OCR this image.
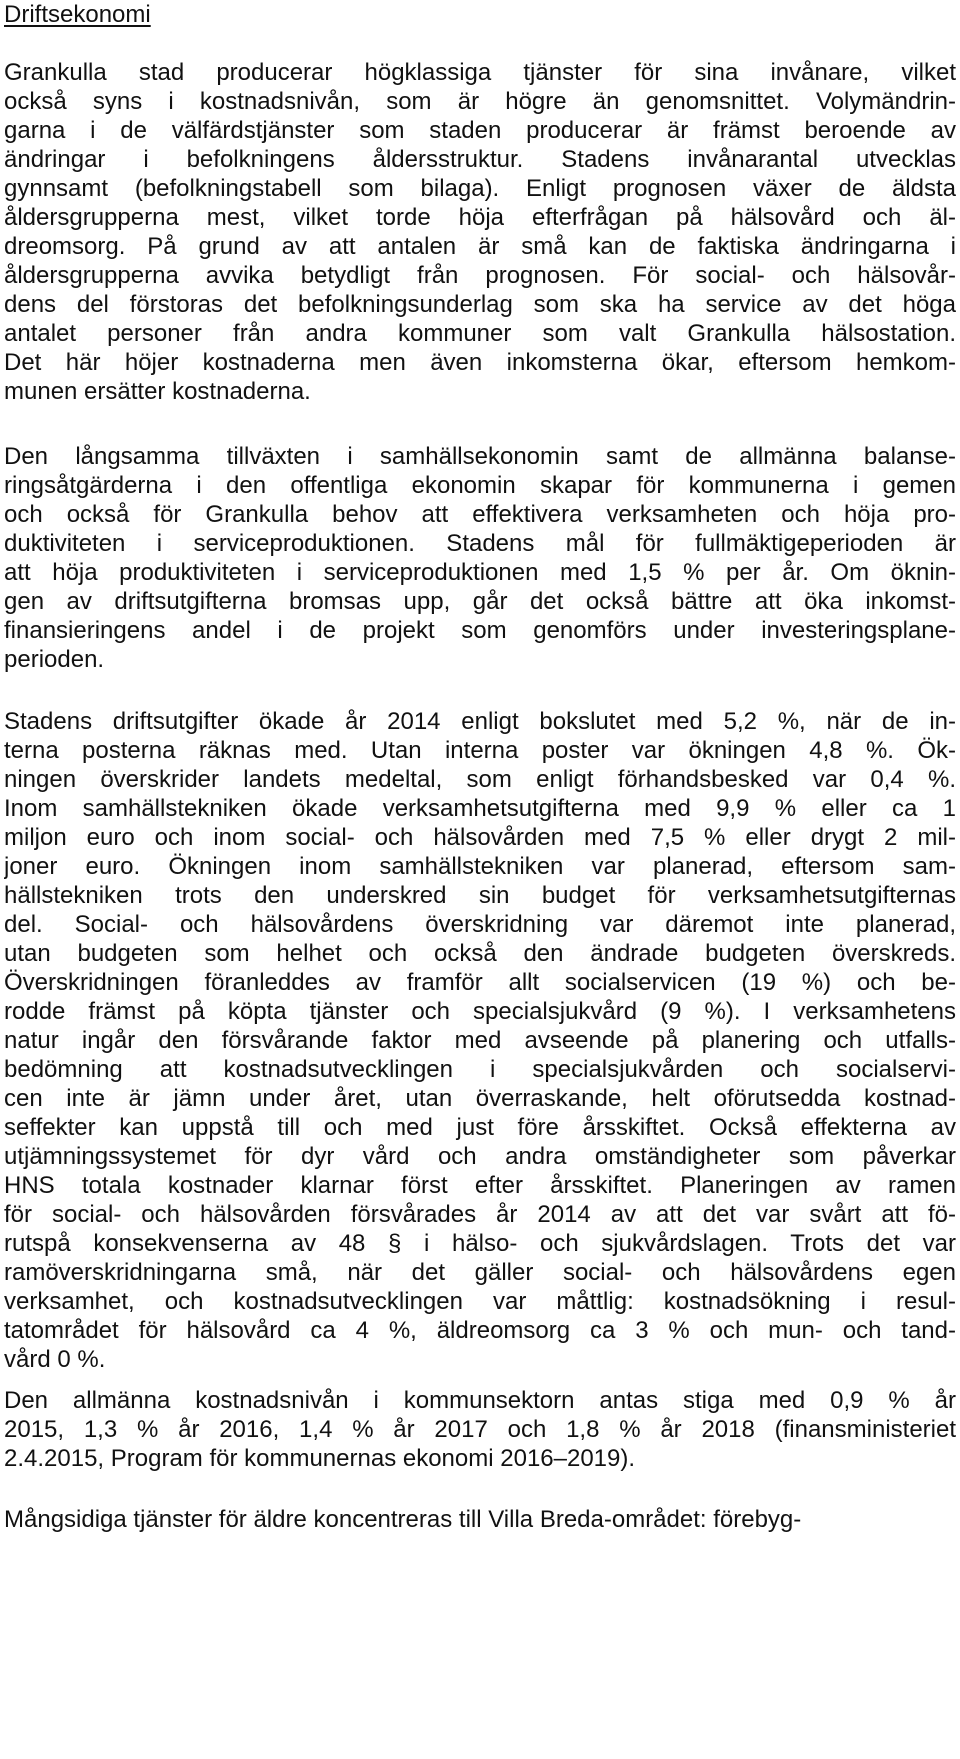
Driftsekonomi
Grankulla stad producerar högklassiga tjänster för sina invånare, vilket
också syns i kostnadsnivån, som är högre än genomsnittet. Volymändrin-
garna i de välfärdstjänster som staden producerar är främst beroende av
ändringar i befolkningens åldersstruktur. Stadens invånarantal utvecklas
gynnsamt (befolkningstabell som bilaga). Enligt prognosen växer de äldsta
åldersgrupperna mest, vilket torde höja efterfrågan på hälsovård och äl-
dreomsorg. På grund av att antalen är små kan de faktiska ändringarna i
åldersgrupperna avvika betydligt från prognosen. För social- och hälsovår-
dens del förstoras det befolkningsunderlag som ska ha service av det höga
antalet personer från andra kommuner som valt Grankulla hälsostation.
Det här höjer kostnaderna men även inkomsterna ökar, eftersom hemkom-
munen ersätter kostnaderna.
Den långsamma tillväxten i samhällsekonomin samt de allmänna balanse-
ringsåtgärderna i den offentliga ekonomin skapar för kommunerna i gemen
och också för Grankulla behov att effektivera verksamheten och höja pro-
duktiviteten i serviceproduktionen. Stadens mål för fullmäktigeperioden är
att höja produktiviteten i serviceproduktionen med 1,5 % per år. Om öknin-
gen av driftsutgifterna bromsas upp, går det också bättre att öka inkomst-
finansieringens andel i de projekt som genomförs under investeringsplane-
perioden.
Stadens driftsutgifter ökade år 2014 enligt bokslutet med 5,2 %, när de in-
terna posterna räknas med. Utan interna poster var ökningen 4,8 %. Ök-
ningen överskrider landets medeltal, som enligt förhandsbesked var 0,4 %.
Inom samhällstekniken ökade verksamhetsutgifterna med 9,9 % eller ca 1
miljon euro och inom social- och hälsovården med 7,5 % eller drygt 2 mil-
joner euro. Ökningen inom samhällstekniken var planerad, eftersom sam-
hällstekniken trots den underskred sin budget för verksamhetsutgifternas
del. Social- och hälsovårdens överskridning var däremot inte planerad,
utan budgeten som helhet och också den ändrade budgeten överskreds.
Överskridningen föranleddes av framför allt socialservicen (19 %) och be-
rodde främst på köpta tjänster och specialsjukvård (9 %). I verksamhetens
natur ingår den försvårande faktor med avseende på planering och utfalls-
bedömning att kostnadsutvecklingen i specialsjukvården och socialservi-
cen inte är jämn under året, utan överraskande, helt oförutsedda kostnad-
seffekter kan uppstå till och med just före årsskiftet. Också effekterna av
utjämningssystemet för dyr vård och andra omständigheter som påverkar
HNS totala kostnader klarnar först efter årsskiftet. Planeringen av ramen
för social- och hälsovården försvårades år 2014 av att det var svårt att fö-
rutspå konsekvenserna av 48 § i hälso- och sjukvårdslagen. Trots det var
ramöverskridningarna små, när det gäller social- och hälsovårdens egen
verksamhet, och kostnadsutvecklingen var måttlig: kostnadsökning i resul-
tatområdet för hälsovård ca 4 %, äldreomsorg ca 3 % och mun- och tand-
vård 0 %.
Den allmänna kostnadsnivån i kommunsektorn antas stiga med 0,9 % år
2015, 1,3 % år 2016, 1,4 % år 2017 och 1,8 % år 2018 (finansministeriet
2.4.2015, Program för kommunernas ekonomi 2016–2019).
Mångsidiga tjänster för äldre koncentreras till Villa Breda-området: förebyg-
